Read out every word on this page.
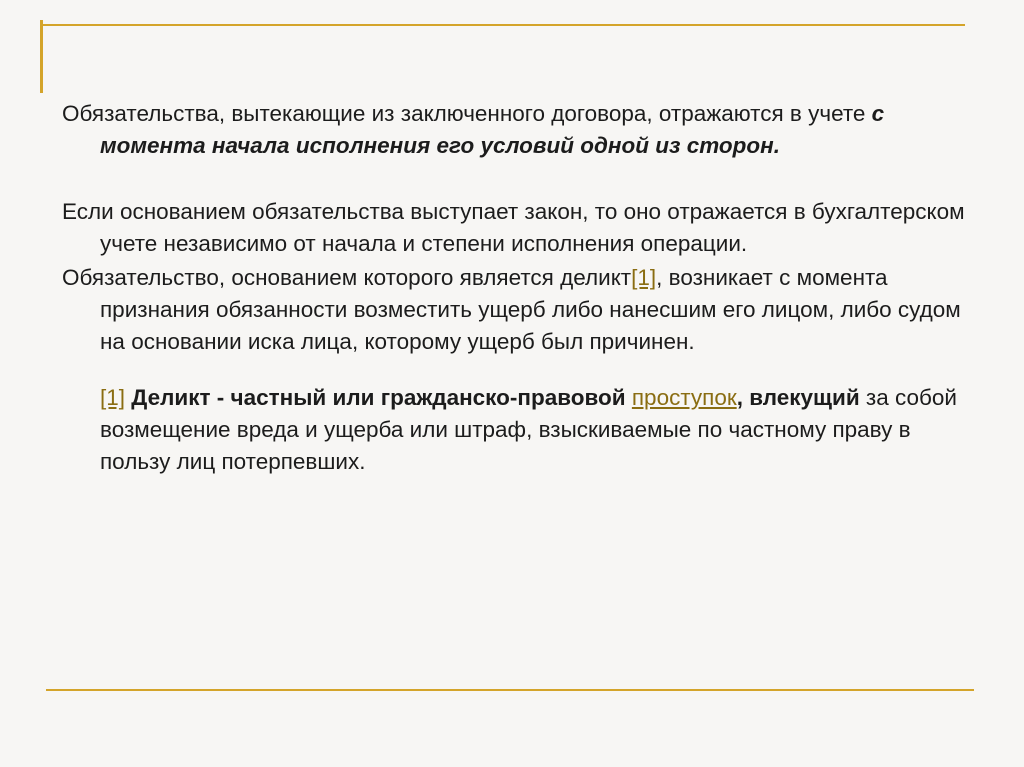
Обязательства, вытекающие из заключенного договора, отражаются в учете с момента начала исполнения его условий одной из сторон.

Если основанием обязательства выступает закон, то оно отражается в бухгалтерском учете независимо от начала и степени исполнения операции.

Обязательство, основанием которого является деликт[1], возникает с момента признания обязанности возместить ущерб либо нанесшим его лицом, либо судом на основании иска лица, которому ущерб был причинен.

[1] Деликт - частный или гражданско-правовой проступок, влекущий за собой возмещение вреда и ущерба или штраф, взыскиваемые по частному праву в пользу лиц потерпевших.
